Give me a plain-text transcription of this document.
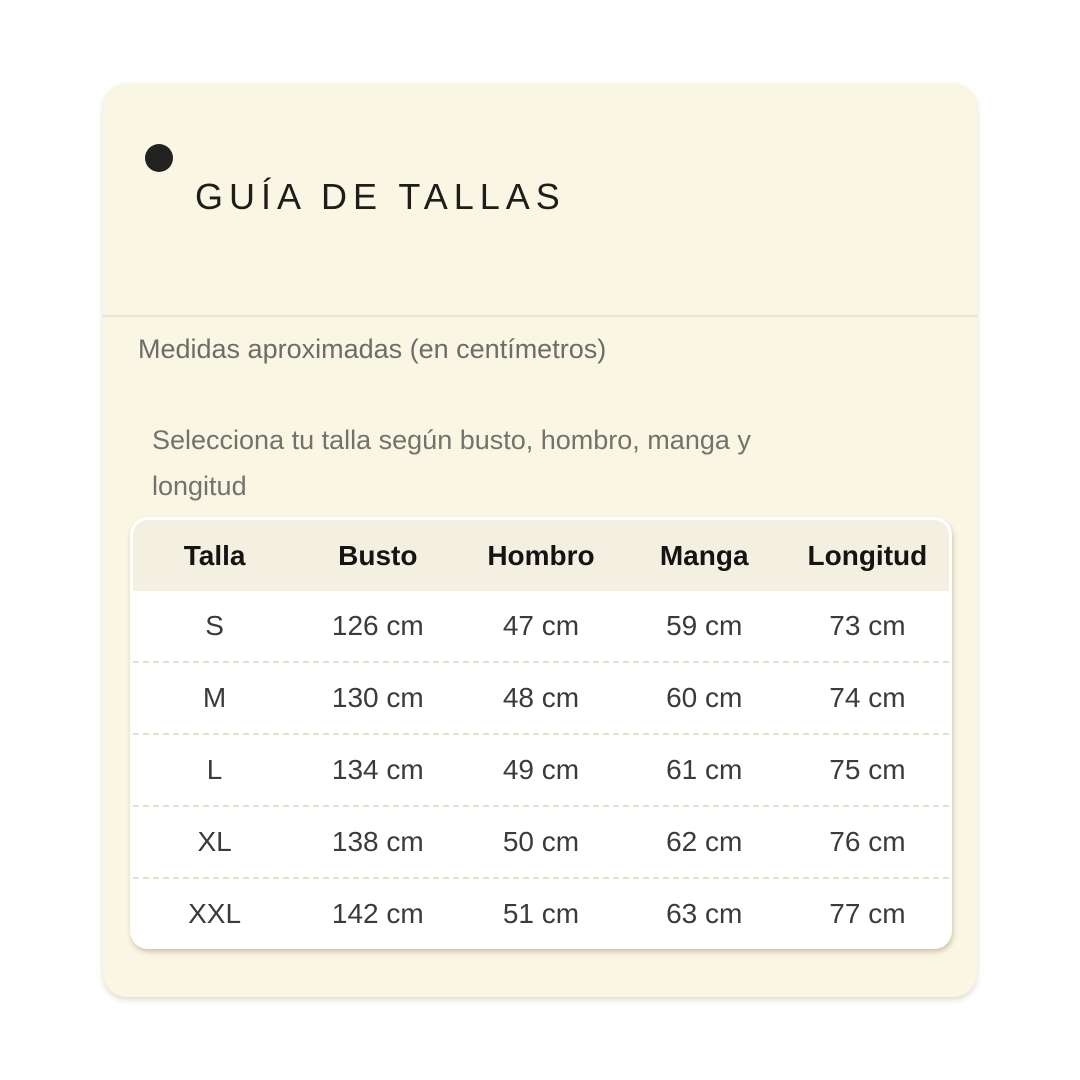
GUÍA DE TALLAS
Medidas aproximadas (en centímetros)
Selecciona tu talla según busto, hombro, manga y longitud
Talla	Busto	Hombro	Manga	Longitud
S	126 cm	47 cm	59 cm	73 cm
M	130 cm	48 cm	60 cm	74 cm
L	134 cm	49 cm	61 cm	75 cm
XL	138 cm	50 cm	62 cm	76 cm
XXL	142 cm	51 cm	63 cm	77 cm
